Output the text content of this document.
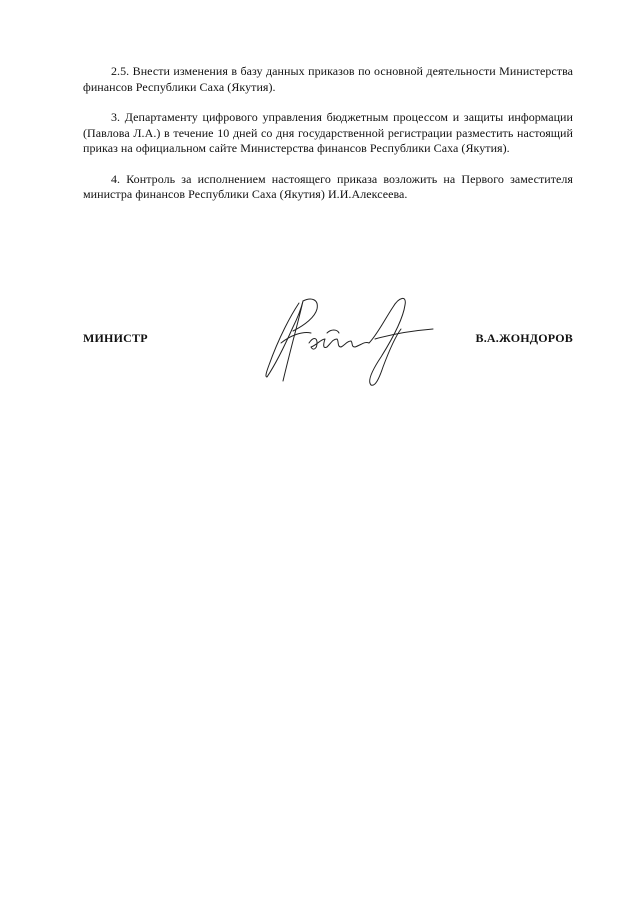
2.5. Внести изменения в базу данных приказов по основной деятельности Министерства финансов Республики Саха (Якутия).

3. Департаменту цифрового управления бюджетным процессом и защиты информации (Павлова Л.А.) в течение 10 дней со дня государственной регистрации разместить настоящий приказ на официальном сайте Министерства финансов Республики Саха (Якутия).

4. Контроль за исполнением настоящего приказа возложить на Первого заместителя министра финансов Республики Саха (Якутия) И.И.Алексеева.

МИНИСТР	В.А.ЖОНДОРОВ
